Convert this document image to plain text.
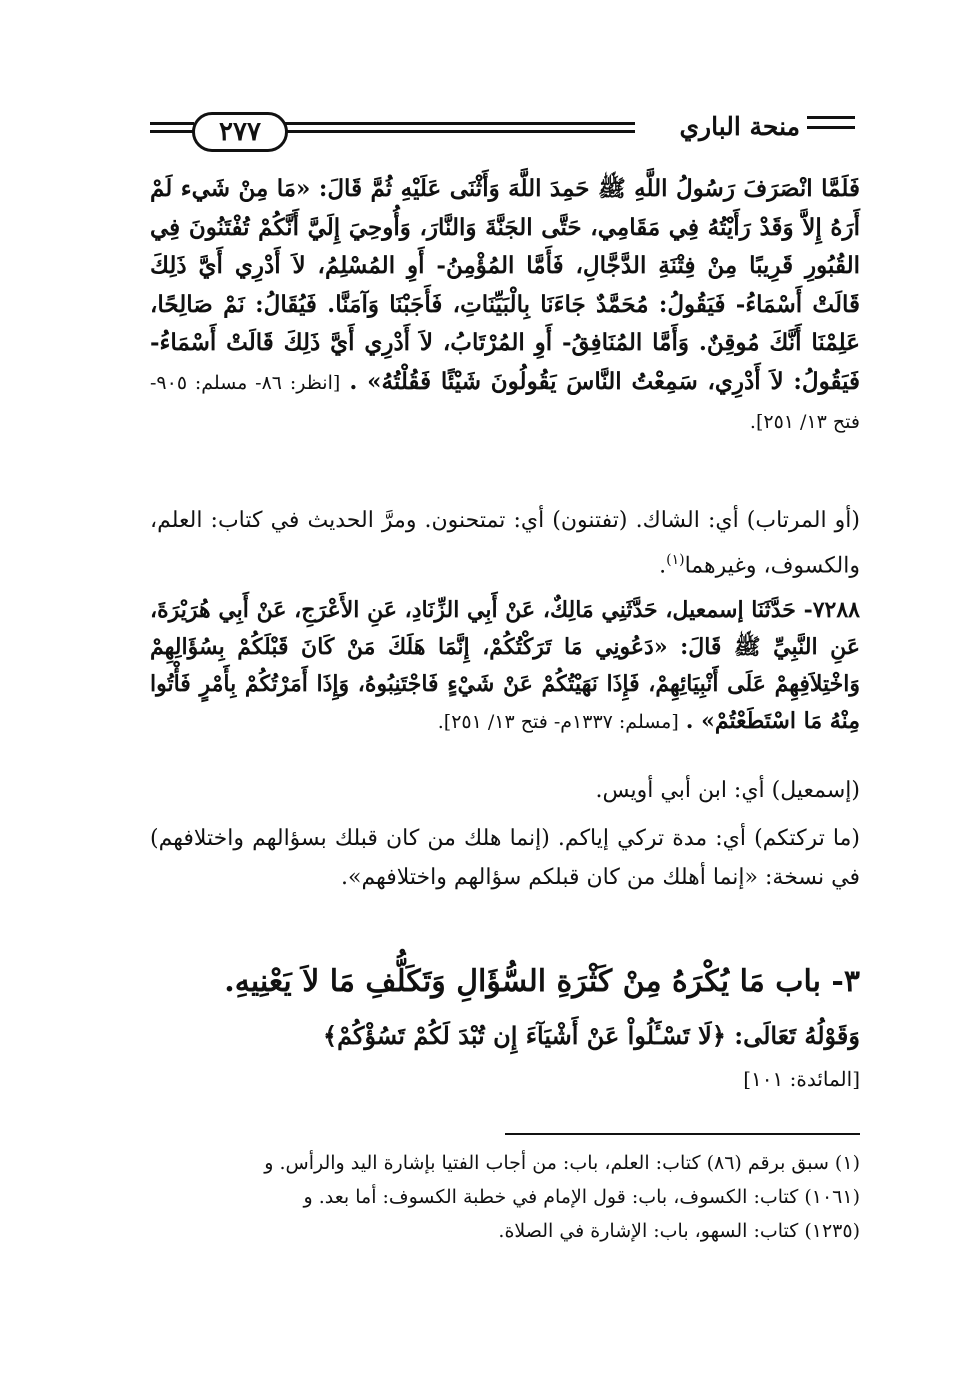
٢٧٧	منحة الباري
فَلَمَّا انْصَرَفَ رَسُولُ اللَّهِ ﷺ حَمِدَ اللَّهَ وَأَثْنَى عَلَيْهِ ثُمَّ قَالَ: «مَا مِنْ شَيء لَمْ أَرَهُ إِلاَّ وَقَدْ رَأَيْتُهُ فِي مَقَامِي، حَتَّى الجَنَّةَ وَالنَّارَ، وَأُوحِيَ إِلَيَّ أَنَّكُمْ تُفْتَنُونَ فِي القُبُورِ قَرِيبًا مِنْ فِتْنَةِ الدَّجَّالِ، فَأَمَّا المُؤْمِنُ- أَوِ المُسْلِمُ، لاَ أَدْرِي أَيَّ ذَلِكَ قَالَتْ أَسْمَاءُ- فَيَقُولُ: مُحَمَّدٌ جَاءَنَا بِالْبَيِّنَاتِ، فَأَجَبْنَا وَآمَنَّا. فَيُقَالُ: نَمْ صَالِحًا، عَلِمْنَا أَنَّكَ مُوقِنٌ. وَأَمَّا المُنَافِقُ- أَوِ المُرْتَابُ، لاَ أَدْرِي أَيَّ ذَلِكَ قَالَتْ أَسْمَاءُ- فَيَقُولُ: لاَ أَدْرِي، سَمِعْتُ النَّاسَ يَقُولُونَ شَيْئًا فَقُلْتُهُ» . [انظر: ٨٦- مسلم: ٩٠٥- فتح ١٣/ ٢٥١].
(أو المرتاب) أي: الشاك. (تفتنون) أي: تمتحنون. ومرَّ الحديث في كتاب: العلم، والكسوف، وغيرهما$^{(١)}$.
٧٢٨٨- حَدَّثَنَا إسمعيل، حَدَّثَنِي مَالِكٌ، عَنْ أَبِي الزِّنَادِ، عَنِ الأَعْرَجِ، عَنْ أَبِي هُرَيْرَةَ، عَنِ النَّبِيِّ ﷺ قَالَ: «دَعُونِي مَا تَرَكْتُكُمْ، إِنَّمَا هَلَكَ مَنْ كَانَ قَبْلَكُمْ بِسُؤَالِهِمْ وَاخْتِلاَفِهِمْ عَلَى أَنْبِيَائِهِمْ، فَإِذَا نَهَيْتُكُمْ عَنْ شَيْءٍ فَاجْتَنِبُوهُ، وَإِذَا أَمَرْتُكُمْ بِأَمْرٍ فَأْتُوا مِنْهُ مَا اسْتَطَعْتُمْ» . [مسلم: ١٣٣٧م- فتح ١٣/ ٢٥١].
(إسمعيل) أي: ابن أبي أويس.
(ما تركتكم) أي: مدة تركي إياكم. (إنما هلك من كان قبلك بسؤالهم واختلافهم) في نسخة: «إنما أهلك من كان قبلكم سؤالهم واختلافهم».
٣- باب مَا يُكْرَهُ مِنْ كَثْرَةِ السُّؤَالِ وَتَكَلُّفِ مَا لاَ يَعْنِيهِ.
وَقَوْلُهُ تَعَالَى: ﴿لَا تَسْـَٔلُواْ عَنْ أَشْيَآءَ إِن تُبْدَ لَكُمْ تَسُؤْكُمْ﴾
[المائدة: ١٠١]
(١) سبق برقم (٨٦) كتاب: العلم، باب: من أجاب الفتيا بإشارة اليد والرأس. و
(١٠٦١) كتاب: الكسوف، باب: قول الإمام في خطبة الكسوف: أما بعد. و
(١٢٣٥) كتاب: السهو، باب: الإشارة في الصلاة.
